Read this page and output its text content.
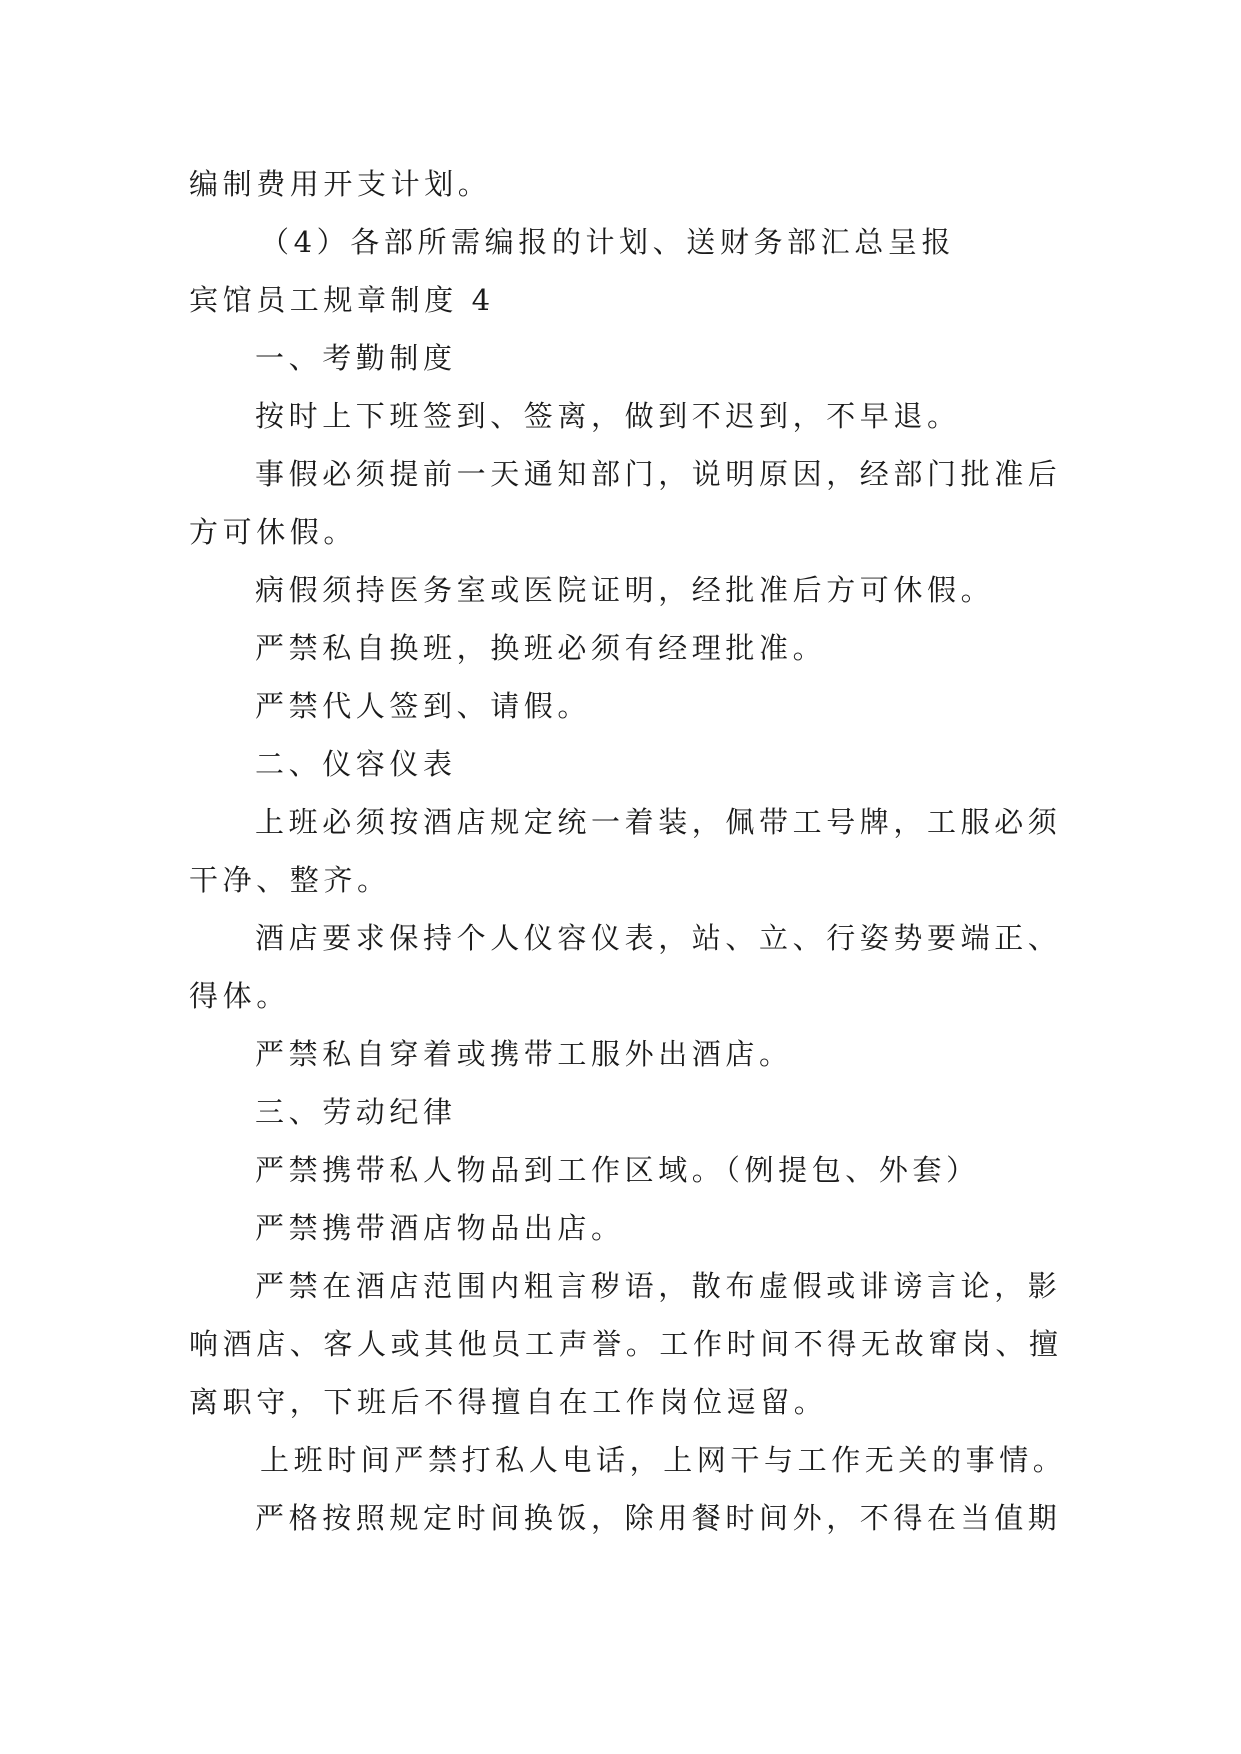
编制费用开支计划。
（4）各部所需编报的计划、送财务部汇总呈报
宾馆员工规章制度 4
一、考勤制度
按时上下班签到、签离，做到不迟到，不早退。
事假必须提前一天通知部门，说明原因，经部门批准后
方可休假。
病假须持医务室或医院证明，经批准后方可休假。
严禁私自换班，换班必须有经理批准。
严禁代人签到、请假。
二、仪容仪表
上班必须按酒店规定统一着装，佩带工号牌，工服必须
干净、整齐。
酒店要求保持个人仪容仪表，站、立、行姿势要端正、
得体。
严禁私自穿着或携带工服外出酒店。
三、劳动纪律
严禁携带私人物品到工作区域。（例提包、外套）
严禁携带酒店物品出店。
严禁在酒店范围内粗言秽语，散布虚假或诽谤言论，影
响酒店、客人或其他员工声誉。工作时间不得无故窜岗、擅
离职守，下班后不得擅自在工作岗位逗留。
上班时间严禁打私人电话，上网干与工作无关的事情。
严格按照规定时间换饭，除用餐时间外，不得在当值期
